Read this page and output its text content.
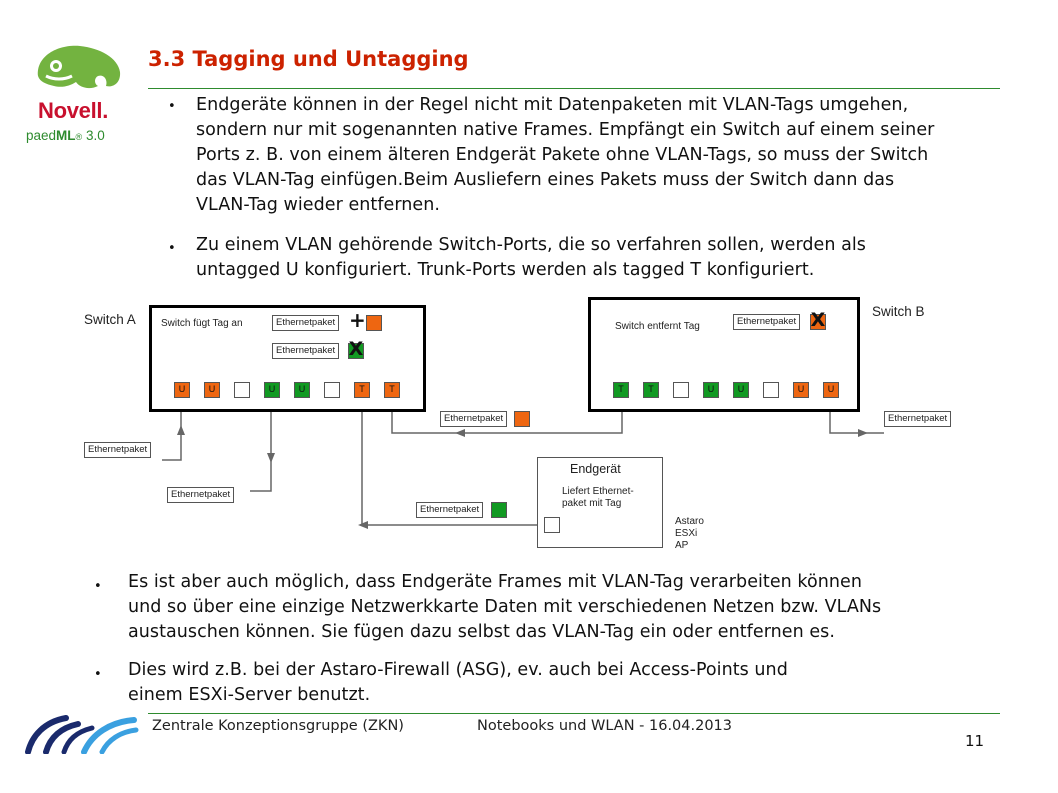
Novell.
paedML® 3.0
3.3 Tagging und Untagging
• Endgeräte können in der Regel nicht mit Datenpaketen mit VLAN-Tags umgehen,
sondern nur mit sogenannten native Frames. Empfängt ein Switch auf einem seiner
Ports z. B. von einem älteren Endgerät Pakete ohne VLAN-Tags, so muss der Switch
das VLAN-Tag einfügen.Beim Ausliefern eines Pakets muss der Switch dann das
VLAN-Tag wieder entfernen.
• Zu einem VLAN gehörende Switch-Ports, die so verfahren sollen, werden als
untagged U konfiguriert. Trunk-Ports werden als tagged T konfiguriert.
Switch A	Switch fügt Tag an	Ethernetpaket +
Ethernetpaket X
U	U	U	U	T	T
Switch B
Switch entfernt Tag	Ethernetpaket X
T	T	U	U	U	U
Ethernetpaket	Ethernetpaket
Ethernetpaket
Ethernetpaket
Ethernetpaket
Endgerät
Liefert Ethernet-
paket mit Tag
Astaro
ESXi
AP
• Es ist aber auch möglich, dass Endgeräte Frames mit VLAN-Tag verarbeiten können
und so über eine einzige Netzwerkkarte Daten mit verschiedenen Netzen bzw. VLANs
austauschen können. Sie fügen dazu selbst das VLAN-Tag ein oder entfernen es.
• Dies wird z.B. bei der Astaro-Firewall (ASG), ev. auch bei Access-Points und
einem ESXi-Server benutzt.
Zentrale Konzeptionsgruppe (ZKN)	Notebooks und WLAN - 16.04.2013
11
